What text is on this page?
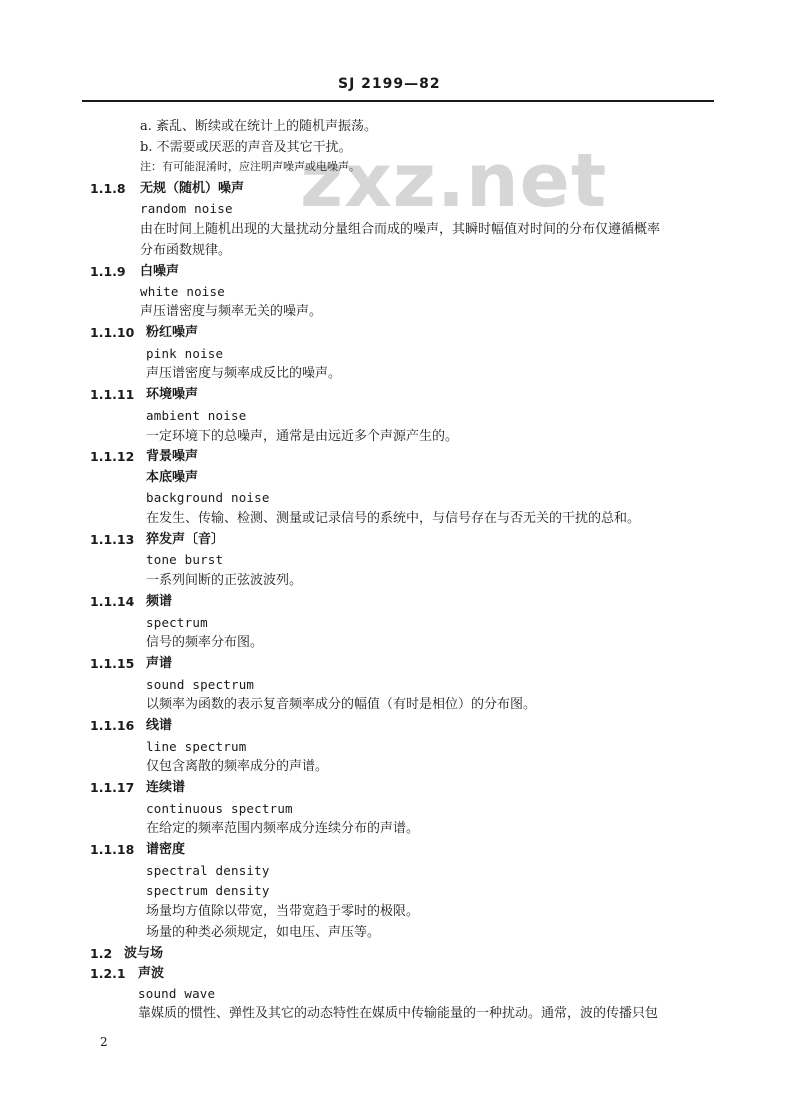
SJ 2199—82
zxz.net
a. 紊乱、断续或在统计上的随机声振荡。
b. 不需要或厌恶的声音及其它干扰。
注：有可能混淆时，应注明声噪声或电噪声。
1.1.8 无规（随机）噪声
random noise
由在时间上随机出现的大量扰动分量组合而成的噪声，其瞬时幅值对时间的分布仅遵循概率
分布函数规律。
1.1.9 白噪声
white noise
声压谱密度与频率无关的噪声。
1.1.10 粉红噪声
pink noise
声压谱密度与频率成反比的噪声。
1.1.11 环境噪声
ambient noise
一定环境下的总噪声，通常是由远近多个声源产生的。
1.1.12 背景噪声
本底噪声
background noise
在发生、传输、检测、测量或记录信号的系统中，与信号存在与否无关的干扰的总和。
1.1.13 猝发声〔音〕
tone burst
一系列间断的正弦波波列。
1.1.14 频谱
spectrum
信号的频率分布图。
1.1.15 声谱
sound spectrum
以频率为函数的表示复音频率成分的幅值（有时是相位）的分布图。
1.1.16 线谱
line spectrum
仅包含离散的频率成分的声谱。
1.1.17 连续谱
continuous spectrum
在给定的频率范围内频率成分连续分布的声谱。
1.1.18 谱密度
spectral density
spectrum density
场量均方值除以带宽，当带宽趋于零时的极限。
场量的种类必须规定，如电压、声压等。
1.2 波与场
1.2.1 声波
sound wave
靠媒质的惯性、弹性及其它的动态特性在媒质中传输能量的一种扰动。通常，波的传播只包
2
